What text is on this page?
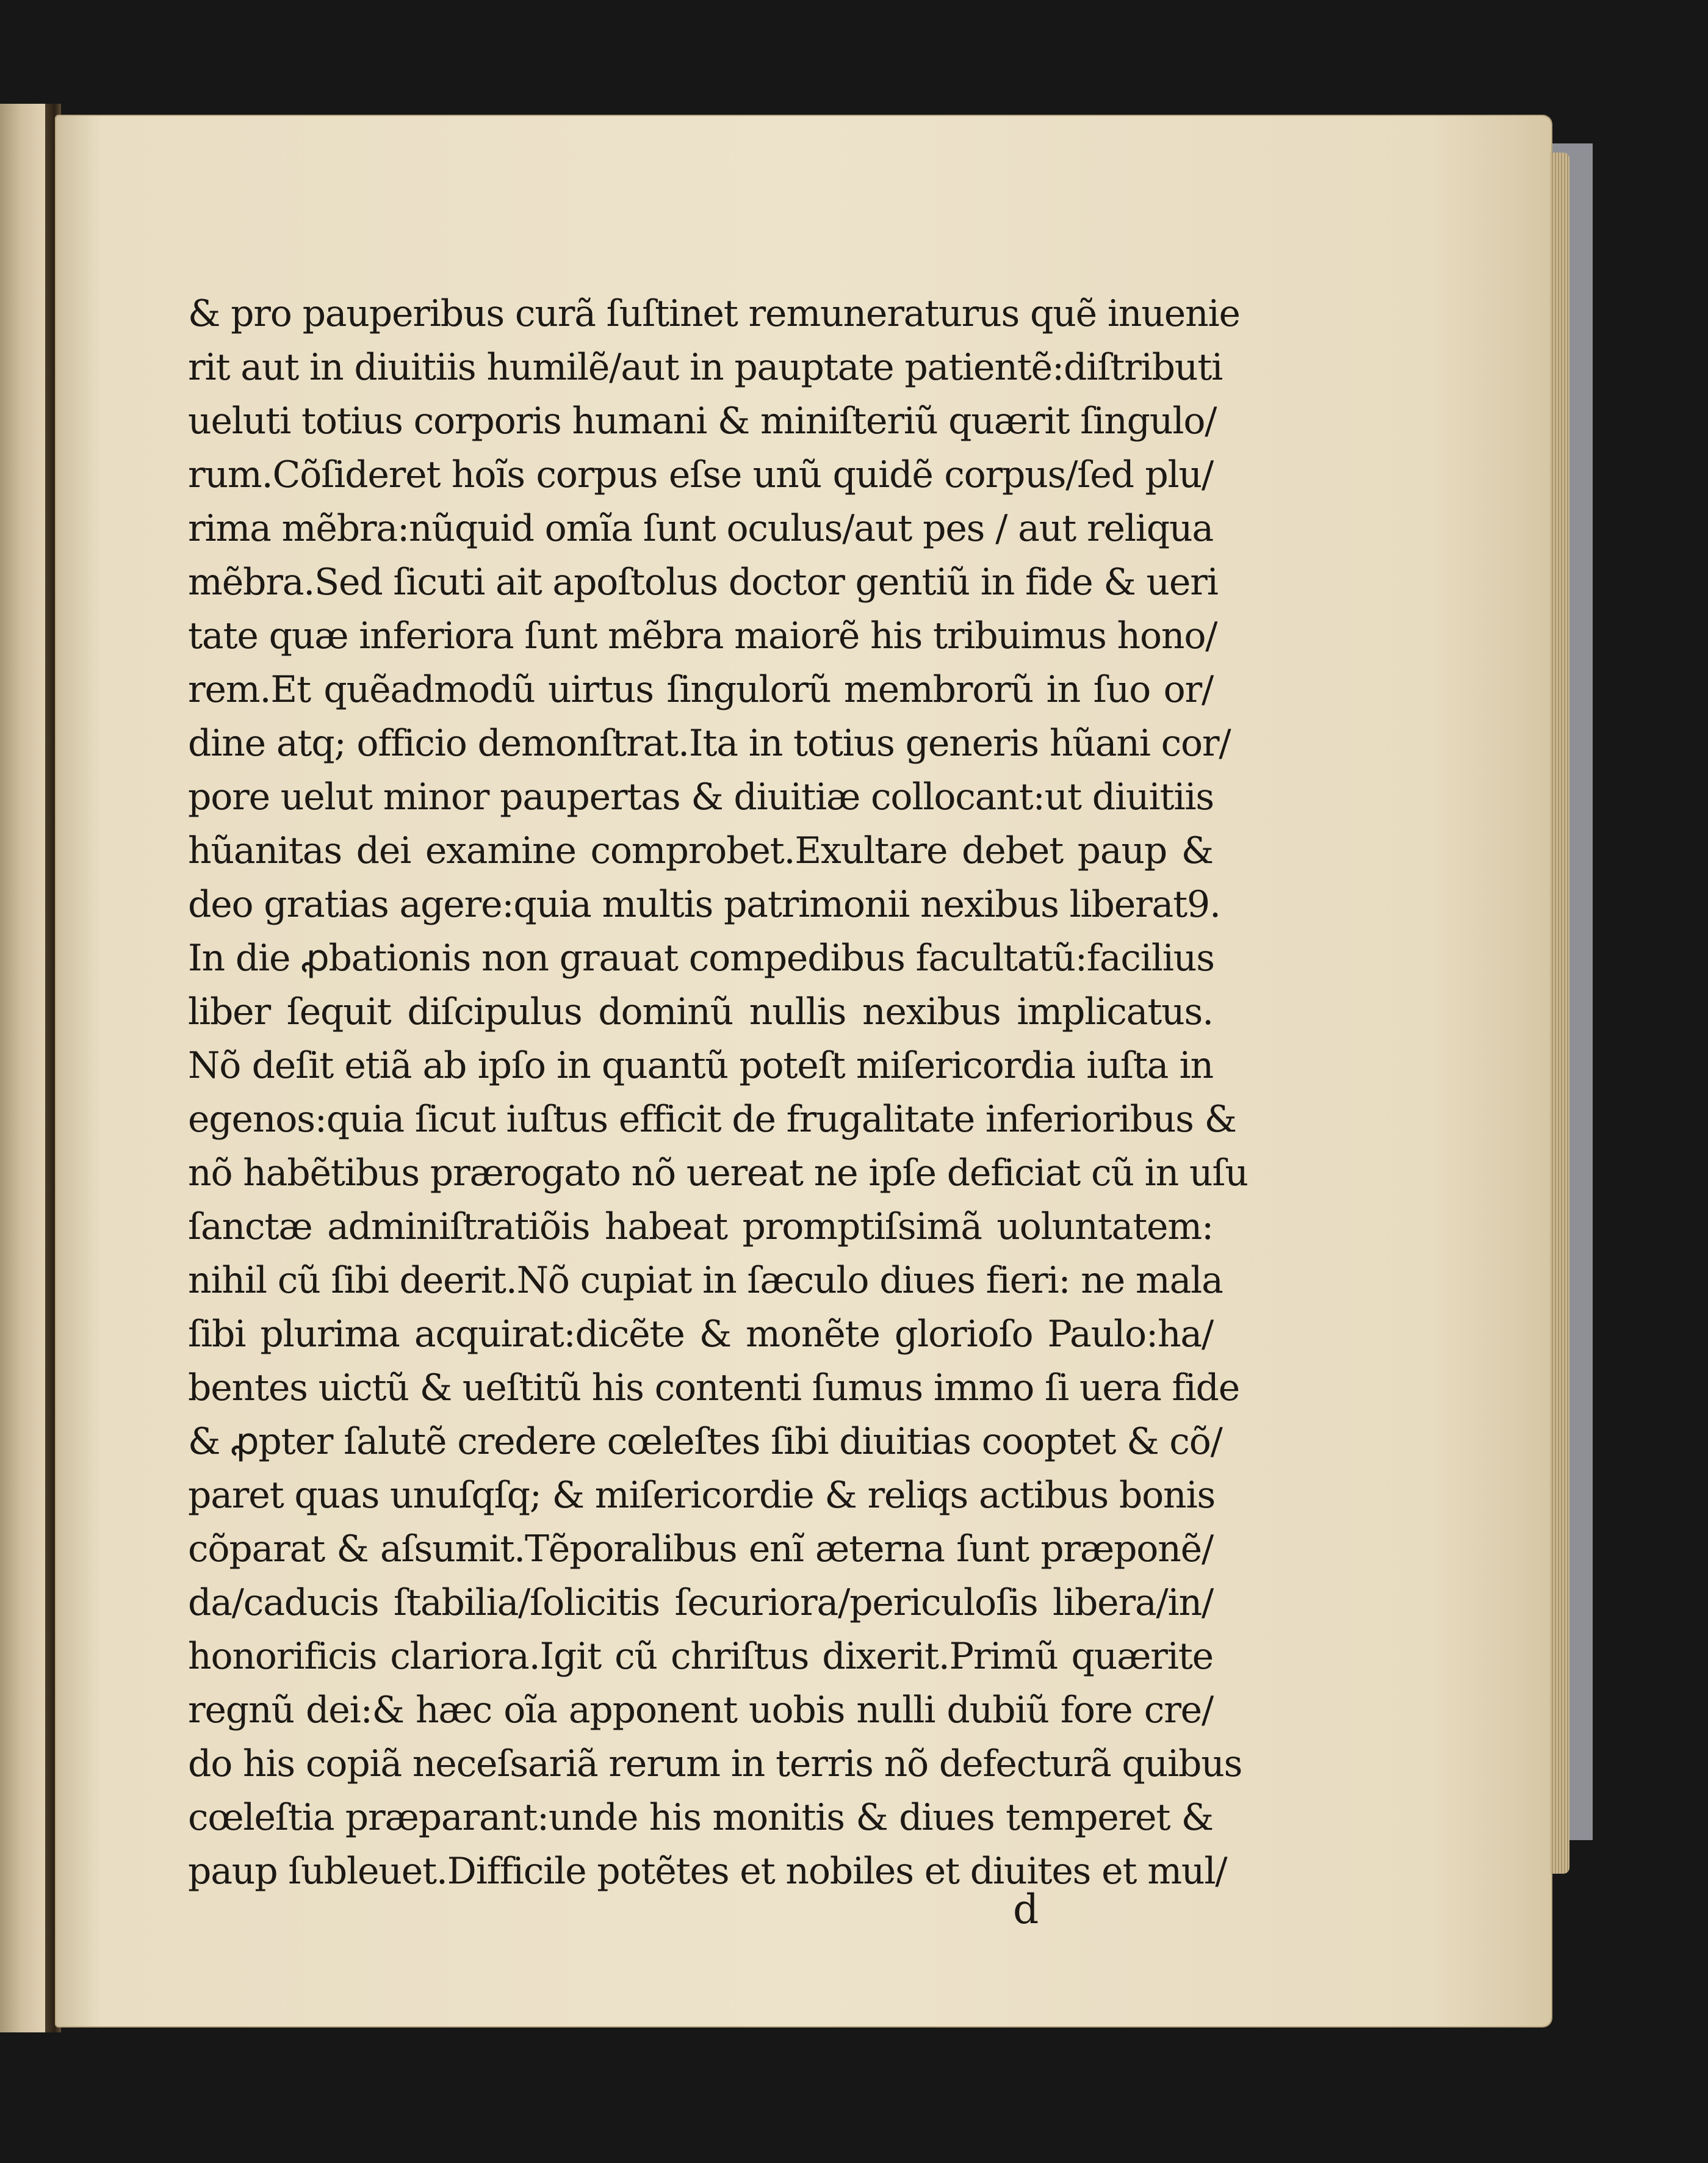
& pro pauperibus curã ſuſtinet remuneraturus quẽ inuenie
rit aut in diuitiis humilẽ/aut in pauptate patientẽ:diſtributi
ueluti totius corporis humani & miniſteriũ quærit ſingulo/
rum.Cõſideret hoĩs corpus eſse unũ quidẽ corpus/ſed plu/
rima mẽbra:nũquid omĩa ſunt oculus/aut pes / aut reliqua
mẽbra.Sed ſicuti ait apoſtolus doctor gentiũ in fide & ueri
tate quæ inferiora ſunt mẽbra maiorẽ his tribuimus hono/
rem.Et quẽadmodũ uirtus ſingulorũ membrorũ in ſuo or/
dine atq; officio demonſtrat.Ita in totius generis hũani cor/
pore uelut minor paupertas & diuitiæ collocant:ut diuitiis
hũanitas dei examine comprobet.Exultare debet paup &
deo gratias agere:quia multis patrimonii nexibus liberat9.
In die ꝓbationis non grauat compedibus facultatũ:facilius
liber ſequit diſcipulus dominũ nullis nexibus implicatus.
Nõ deſit etiã ab ipſo in quantũ poteſt miſericordia iuſta in
egenos:quia ſicut iuſtus efficit de frugalitate inferioribus &
nõ habẽtibus prærogato nõ uereat ne ipſe deficiat cũ in uſu
ſanctæ adminiſtratiõis habeat promptiſsimã uoluntatem:
nihil cũ ſibi deerit.Nõ cupiat in ſæculo diues fieri: ne mala
ſibi plurima acquirat:dicẽte & monẽte glorioſo Paulo:ha/
bentes uictũ & ueſtitũ his contenti ſumus immo ſi uera fide
& ꝓpter ſalutẽ credere cœleſtes ſibi diuitias cooptet & cõ/
paret quas unuſqſq; & miſericordie & reliqs actibus bonis
cõparat & aſsumit.Tẽporalibus enĩ æterna ſunt præponẽ/
da/caducis ſtabilia/ſolicitis ſecuriora/periculoſis libera/in/
honorificis clariora.Igit cũ chriſtus dixerit.Primũ quærite
regnũ dei:& hæc oĩa apponent uobis nulli dubiũ fore cre/
do his copiã neceſsariã rerum in terris nõ defecturã quibus
cœleſtia præparant:unde his monitis & diues temperet &
paup ſubleuet.Difficile potẽtes et nobiles et diuites et mul/
d
